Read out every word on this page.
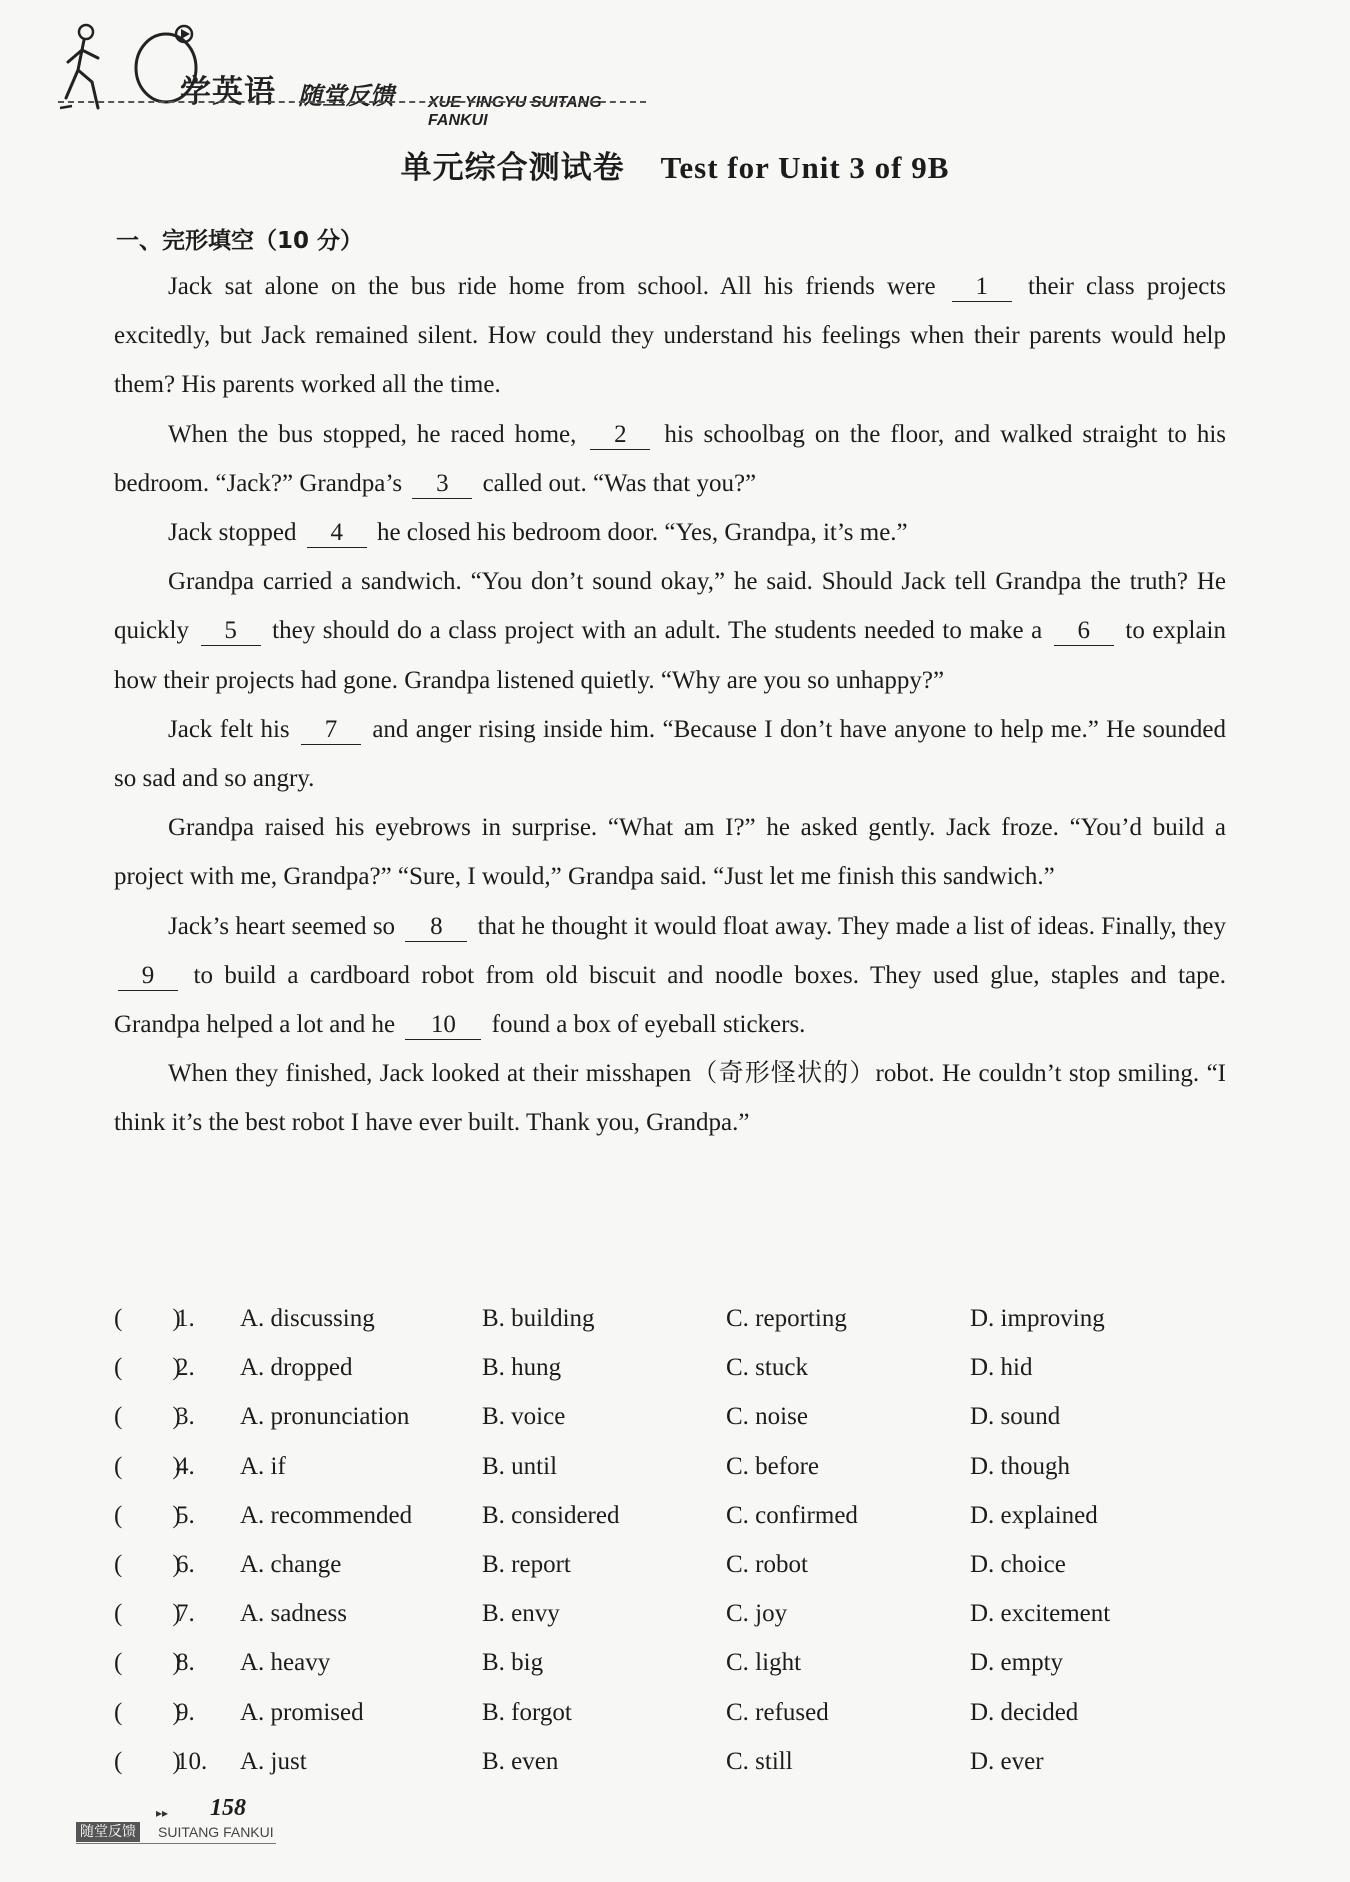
学英语 随堂反馈 XUE YINGYU SUITANG FANKUI
单元综合测试卷 Test for Unit 3 of 9B
一、完形填空（10 分）

Jack sat alone on the bus ride home from school. All his friends were 1 their class projects excitedly, but Jack remained silent. How could they understand his feelings when their parents would help them? His parents worked all the time.

When the bus stopped, he raced home, 2 his schoolbag on the floor, and walked straight to his bedroom. “Jack?” Grandpa’s 3 called out. “Was that you?”

Jack stopped 4 he closed his bedroom door. “Yes, Grandpa, it’s me.”

Grandpa carried a sandwich. “You don’t sound okay,” he said. Should Jack tell Grandpa the truth? He quickly 5 they should do a class project with an adult. The students needed to make a 6 to explain how their projects had gone. Grandpa listened quietly. “Why are you so unhappy?”

Jack felt his 7 and anger rising inside him. “Because I don’t have anyone to help me.” He sounded so sad and so angry.

Grandpa raised his eyebrows in surprise. “What am I?” he asked gently. Jack froze. “You’d build a project with me, Grandpa?” “Sure, I would,” Grandpa said. “Just let me finish this sandwich.”

Jack’s heart seemed so 8 that he thought it would float away. They made a list of ideas. Finally, they 9 to build a cardboard robot from old biscuit and noodle boxes. They used glue, staples and tape. Grandpa helped a lot and he 10 found a box of eyeball stickers.

When they finished, Jack looked at their misshapen（奇形怪状的）robot. He couldn’t stop smiling. “I think it’s the best robot I have ever built. Thank you, Grandpa.”

(　　)
1. A. discussing	B. building	C. reporting	D. improving
(　　)
2. A. dropped	B. hung	C. stuck	D. hid
(　　)
3. A. pronunciation	B. voice	C. noise	D. sound
(　　)
4. A. if	B. until	C. before	D. though
(　　)
5. A. recommended	B. considered	C. confirmed	D. explained
(　　)
6. A. change	B. report	C. robot	D. choice
(　　)
7. A. sadness	B. envy	C. joy	D. excitement
(　　)
8. A. heavy	B. big	C. light	D. empty
(　　)
9. A. promised	B. forgot	C. refused	D. decided
(　　)
10. A. just	B. even	C. still	D. ever
▸▸ 158
随堂反馈 SUITANG FANKUI
